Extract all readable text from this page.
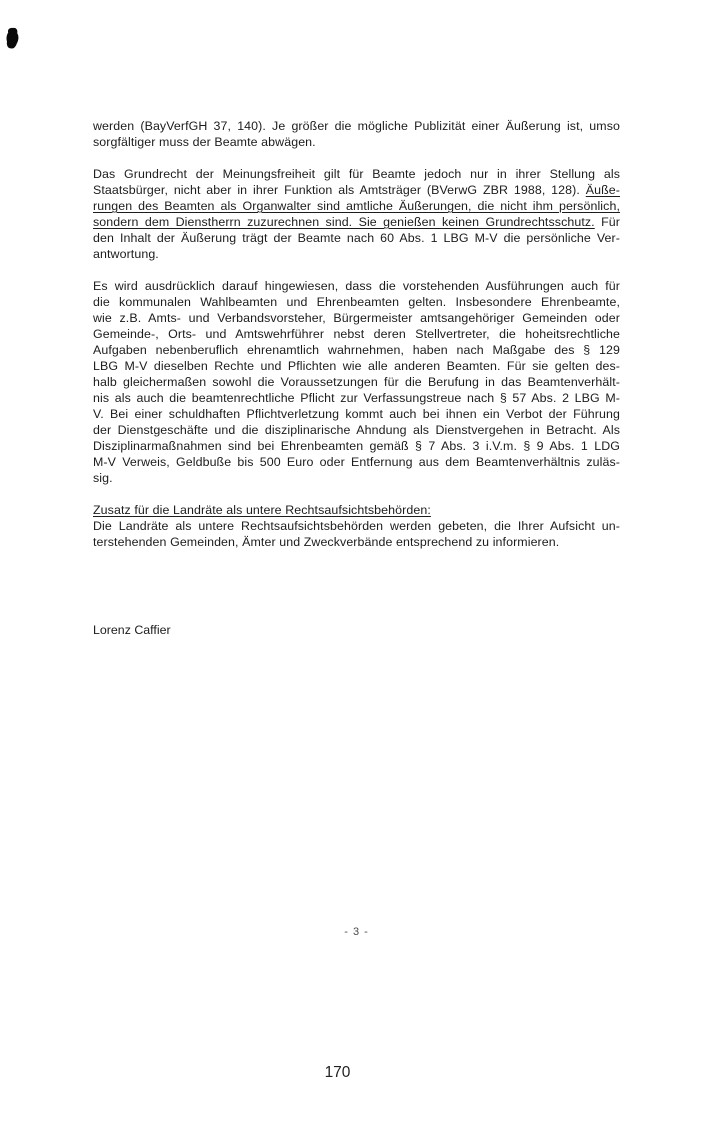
werden (BayVerfGH 37, 140). Je größer die mögliche Publizität einer Äußerung ist, umso
sorgfältiger muss der Beamte abwägen.
Das Grundrecht der Meinungsfreiheit gilt für Beamte jedoch nur in ihrer Stellung als
Staatsbürger, nicht aber in ihrer Funktion als Amtsträger (BVerwG ZBR 1988, 128). Äuße-
rungen des Beamten als Organwalter sind amtliche Äußerungen, die nicht ihm persönlich,
sondern dem Dienstherrn zuzurechnen sind. Sie genießen keinen Grundrechtsschutz. Für
den Inhalt der Äußerung trägt der Beamte nach 60 Abs. 1 LBG M-V die persönliche Ver-
antwortung.
Es wird ausdrücklich darauf hingewiesen, dass die vorstehenden Ausführungen auch für
die kommunalen Wahlbeamten und Ehrenbeamten gelten. Insbesondere Ehrenbeamte,
wie z.B. Amts- und Verbandsvorsteher, Bürgermeister amtsangehöriger Gemeinden oder
Gemeinde-, Orts- und Amtswehrführer nebst deren Stellvertreter, die hoheitsrechtliche
Aufgaben nebenberuflich ehrenamtlich wahrnehmen, haben nach Maßgabe des § 129
LBG M-V dieselben Rechte und Pflichten wie alle anderen Beamten. Für sie gelten des-
halb gleichermaßen sowohl die Voraussetzungen für die Berufung in das Beamtenverhält-
nis als auch die beamtenrechtliche Pflicht zur Verfassungstreue nach § 57 Abs. 2 LBG M-
V. Bei einer schuldhaften Pflichtverletzung kommt auch bei ihnen ein Verbot der Führung
der Dienstgeschäfte und die disziplinarische Ahndung als Dienstvergehen in Betracht. Als
Disziplinarmaßnahmen sind bei Ehrenbeamten gemäß § 7 Abs. 3 i.V.m. § 9 Abs. 1 LDG
M-V Verweis, Geldbuße bis 500 Euro oder Entfernung aus dem Beamtenverhältnis zuläs-
sig.
Zusatz für die Landräte als untere Rechtsaufsichtsbehörden:
Die Landräte als untere Rechtsaufsichtsbehörden werden gebeten, die Ihrer Aufsicht un-
terstehenden Gemeinden, Ämter und Zweckverbände entsprechend zu informieren.
Lorenz Caffier
- 3 -
170
